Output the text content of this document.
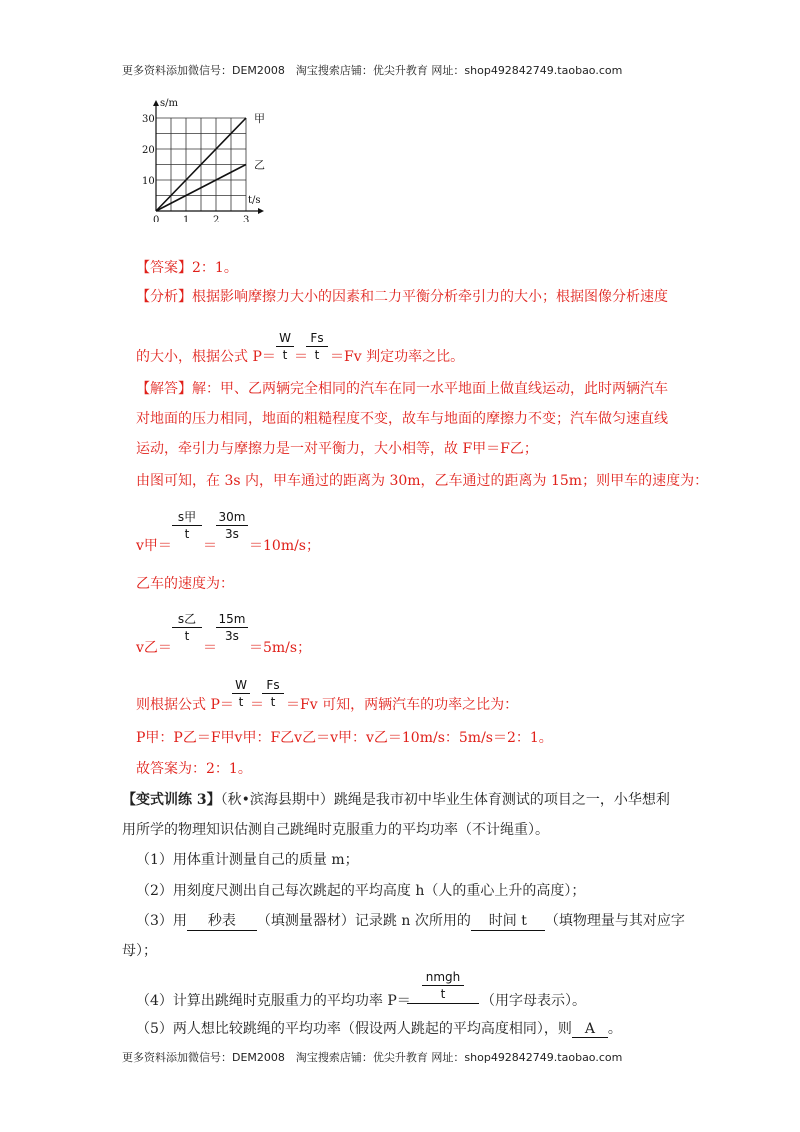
更多资料添加微信号：DEM2008　淘宝搜索店铺：优尖升教育 网址：shop492842749.taobao.com
甲
乙
0 1 2 3
10
20
30
t/s
s/m
【答案】2：1。
【分析】根据影响摩擦力大小的因素和二力平衡分析牵引力的大小；根据图像分析速度
的大小，根据公式 $P= \frac{W}{t}$ ＝
$\frac{Fs}{t} =Fv$ 判定功率之比。
【解答】解：甲、乙两辆完全相同的汽车在同一水平地面上做直线运动，此时两辆汽车
对地面的压力相同，地面的粗糙程度不变，故车与地面的摩擦力不变；汽车做匀速直线
运动，牵引力与摩擦力是一对平衡力，大小相等，故 F甲＝F乙；
由图可知，在 3s 内，甲车通过的距离为 30m，乙车通过的距离为 15m；则甲车的速度为：
v甲＝
s甲
t
＝
$\frac{30m}{3s}$
＝10m/s；
乙车的速度为：
v乙＝
s乙
t
＝
$\frac{15m}{3s}$
＝5m/s；
则根据公式 P＝
$\frac{W}{t}$ ＝
$\frac{Fs}{t} =Fv$ 可知，两辆汽车的功率之比为：
P甲：P乙＝F甲v甲：F乙v乙＝v甲：v乙＝10m/s：5m/s＝2：1。
故答案为：2：1。
【变式训练 3】（秋•滨海县期中）跳绳是我市初中毕业生体育测试的项目之一，小华想利
用所学的物理知识估测自己跳绳时克服重力的平均功率（不计绳重）。
（1）用体重计测量自己的质量 m；
（2）用刻度尺测出自己每次跳起的平均高度 h（人的重心上升的高度）；
（3）用 秒表 （填测量器材）记录跳 n 次所用的 时间 t （填物理量与其对应字
母）；
（4）计算出跳绳时克服重力的平均功率 P＝
nmgh
t	（用字母表示）。
（5）两人想比较跳绳的平均功率（假设两人跳起的平均高度相同），则 A 。
更多资料添加微信号：DEM2008　淘宝搜索店铺：优尖升教育 网址：shop492842749.taobao.com
